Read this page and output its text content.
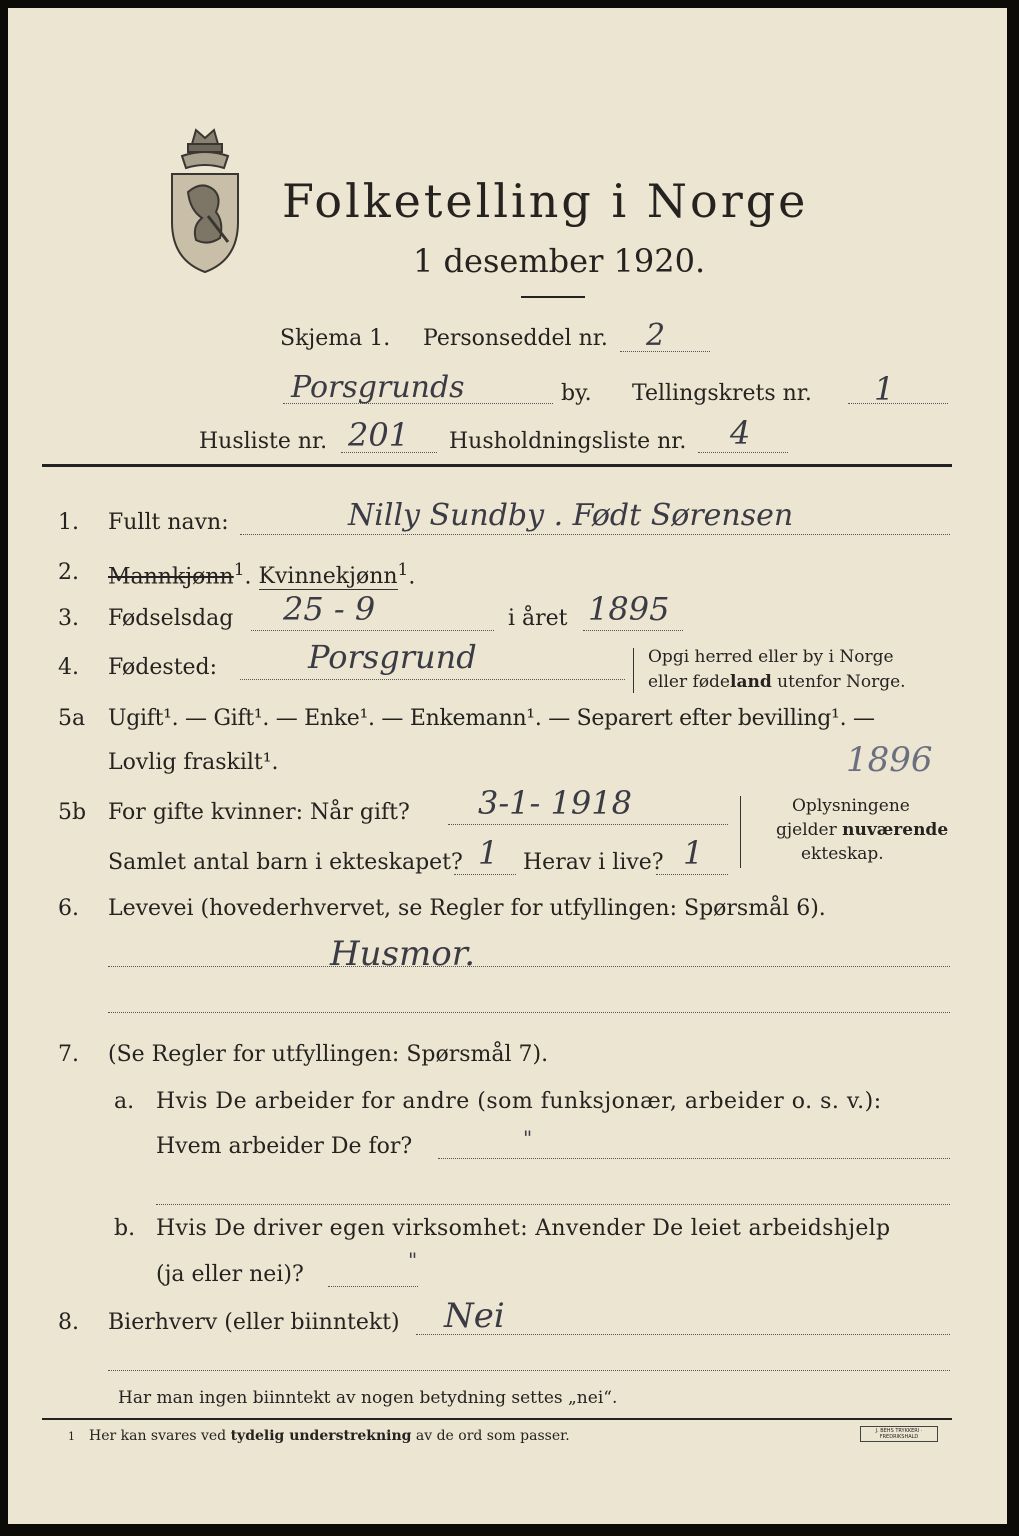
Folketelling i Norge
1 desember 1920.
Skjema 1. Personseddel nr. 2
Porsgrunds	by. Tellingskrets nr. 1
Husliste nr. 201 Husholdningsliste nr. 4
1. Fullt navn:	Nilly Sundby . Født Sørensen
2. Mannkjønn$^1$. Kvinnekjønn$^1$.
3. Fødselsdag 25 - 9	i året 1895
4. Fødested:	Porsgrund	Opgi herred eller by i Norge
eller fødeland utenfor Norge.
5a Ugift¹. — Gift¹. — Enke¹. — Enkemann¹. — Separert efter bevilling¹. —
Lovlig fraskilt¹.	1896
5b For gifte kvinner: Når gift? 3-1- 1918
Samlet antal barn i ekteskapet? 1 Herav i live? 1
Oplysningene
gjelder nuværende
ekteskap.
6. Levevei (hovederhvervet, se Regler for utfyllingen: Spørsmål 6).
Husmor.
7. (Se Regler for utfyllingen: Spørsmål 7).
a. Hvis De arbeider for andre (som funksjonær, arbeider o. s. v.):
Hvem arbeider De for?	"
b. Hvis De driver egen virksomhet: Anvender De leiet arbeidshjelp
(ja eller nei)?
"
8. Bierhverv (eller biinntekt) Nei
Har man ingen biinntekt av nogen betydning settes „nei“.
1 Her kan svares ved tydelig understrekning av de ord som passer.	J. BEHS TRYKKERI · FREDRIKSHALD
